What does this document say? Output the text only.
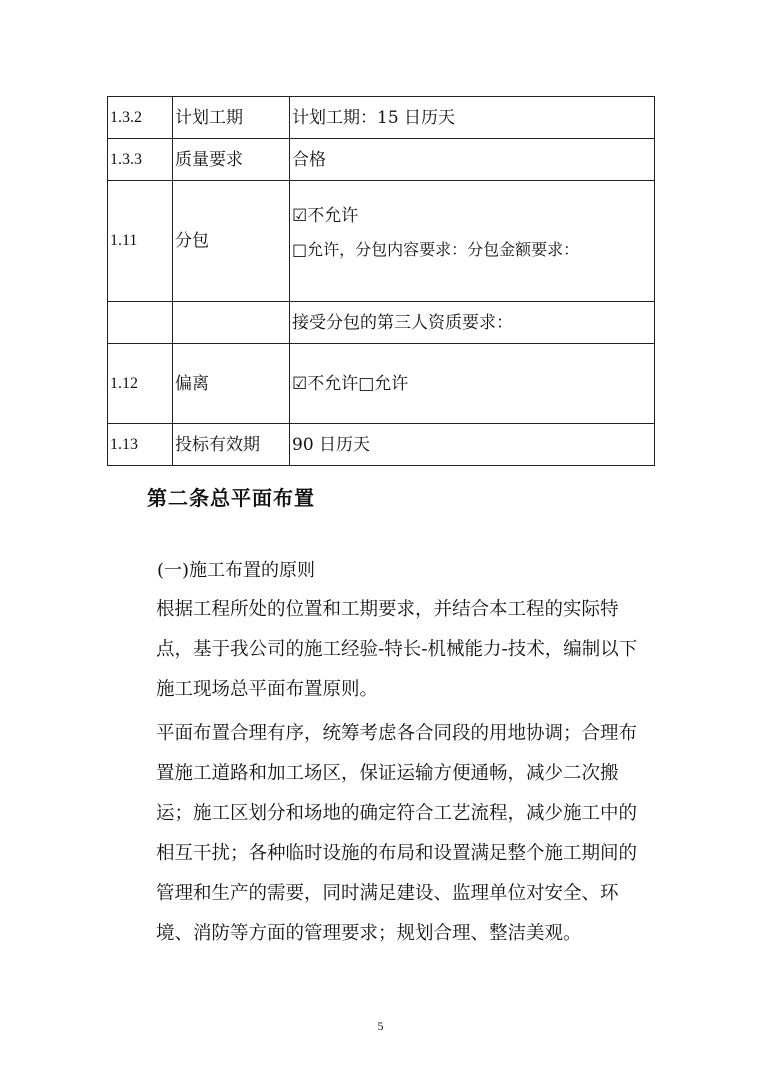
1.3.2	计划工期	计划工期：15 日历天
1.3.3	质量要求	合格
1.11	分包	☑不允许
□允许，分包内容要求：分包金额要求：

		接受分包的第三人资质要求：
1.12	偏离	☑不允许□允许
1.13	投标有效期	90 日历天
第二条总平面布置
(一)施工布置的原则
根据工程所处的位置和工期要求，并结合本工程的实际特点，基于我公司的施工经验-特长-机械能力-技术，编制以下施工现场总平面布置原则。
平面布置合理有序，统筹考虑各合同段的用地协调；合理布置施工道路和加工场区，保证运输方便通畅，减少二次搬运；施工区划分和场地的确定符合工艺流程，减少施工中的相互干扰；各种临时设施的布局和设置满足整个施工期间的管理和生产的需要，同时满足建设、监理单位对安全、环境、消防等方面的管理要求；规划合理、整洁美观。
5
